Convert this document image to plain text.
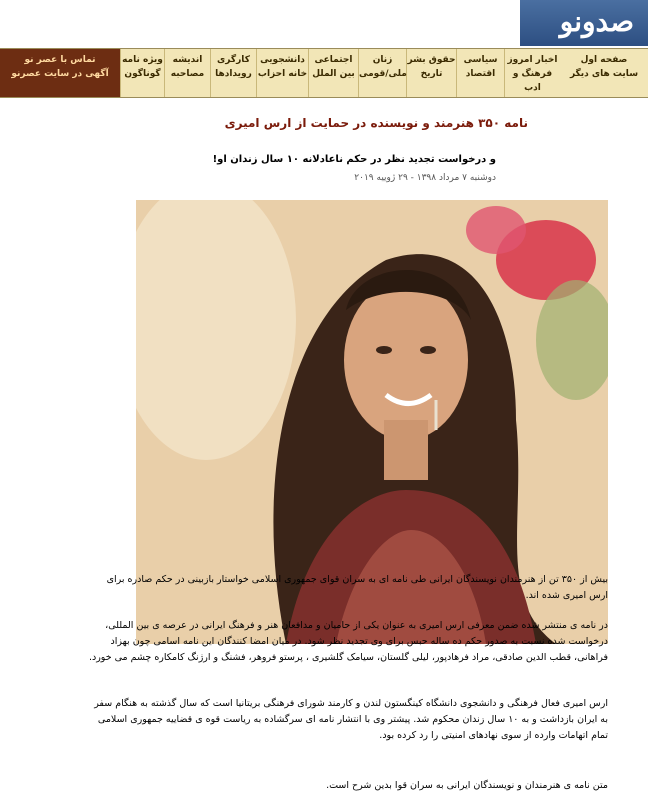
صدونو
صفحه اول
سایت های دیگر
اخبار امروز
فرهنگ و
ادب
سیاسی
اقتصاد
حقوق بشر
تاریخ
زنان
ملی/قومی
اجتماعی
بین الملل
دانشجویی
خانه احزاب
کارگری
رویدادها
اندیشه
مصاحبه
ویژه نامه
گوناگون
تماس با عصر نو
آگهی در سایت عصرنو
نامه ۳۵۰ هنرمند و نویسنده در حمایت از ارس امیری
و درخواست تجدید نظر در حکم ناعادلانه ۱۰ سال زندان او!
دوشنبه ۷ مرداد ۱۳۹۸ - ۲۹ ژوییه ۲۰۱۹

بیش از ۳۵۰ تن از هنرمندان نویسندگان ایرانی طی نامه ای به سران قوای جمهوری اسلامی خواستار بازبینی در حکم صادره برای ارس امیری شده اند.

در نامه ی منتشر شده ضمن معرفی ارس امیری به عنوان یکی از حامیان و مدافعان هنر و فرهنگ ایرانی در عرصه ی بین المللی، درخواست شده نسبت به صدور حکم ده ساله حبس برای وی تجدید نظر شود. در میان امضا کنندگان این نامه اسامی چون بهزاد فراهانی، قطب الدین صادقی، مراد فرهادپور، لیلی گلستان، سیامک گلشیری ، پرستو فروهر، فشنگ و ارژنگ کامکاره چشم می خورد.

ارس امیری فعال فرهنگی و دانشجوی دانشگاه کینگستون لندن و کارمند شورای فرهنگی بریتانیا است که سال گذشته به هنگام سفر به ایران بازداشت و به ۱۰ سال زندان محکوم شد. پیشتر وی با انتشار نامه ای سرگشاده به ریاست قوه ی قضاییه جمهوری اسلامی تمام اتهامات وارده از سوی نهادهای امنیتی را رد کرده بود.

متن نامه ی هنرمندان و نویسندگان ایرانی به سران قوا بدین شرح است.
